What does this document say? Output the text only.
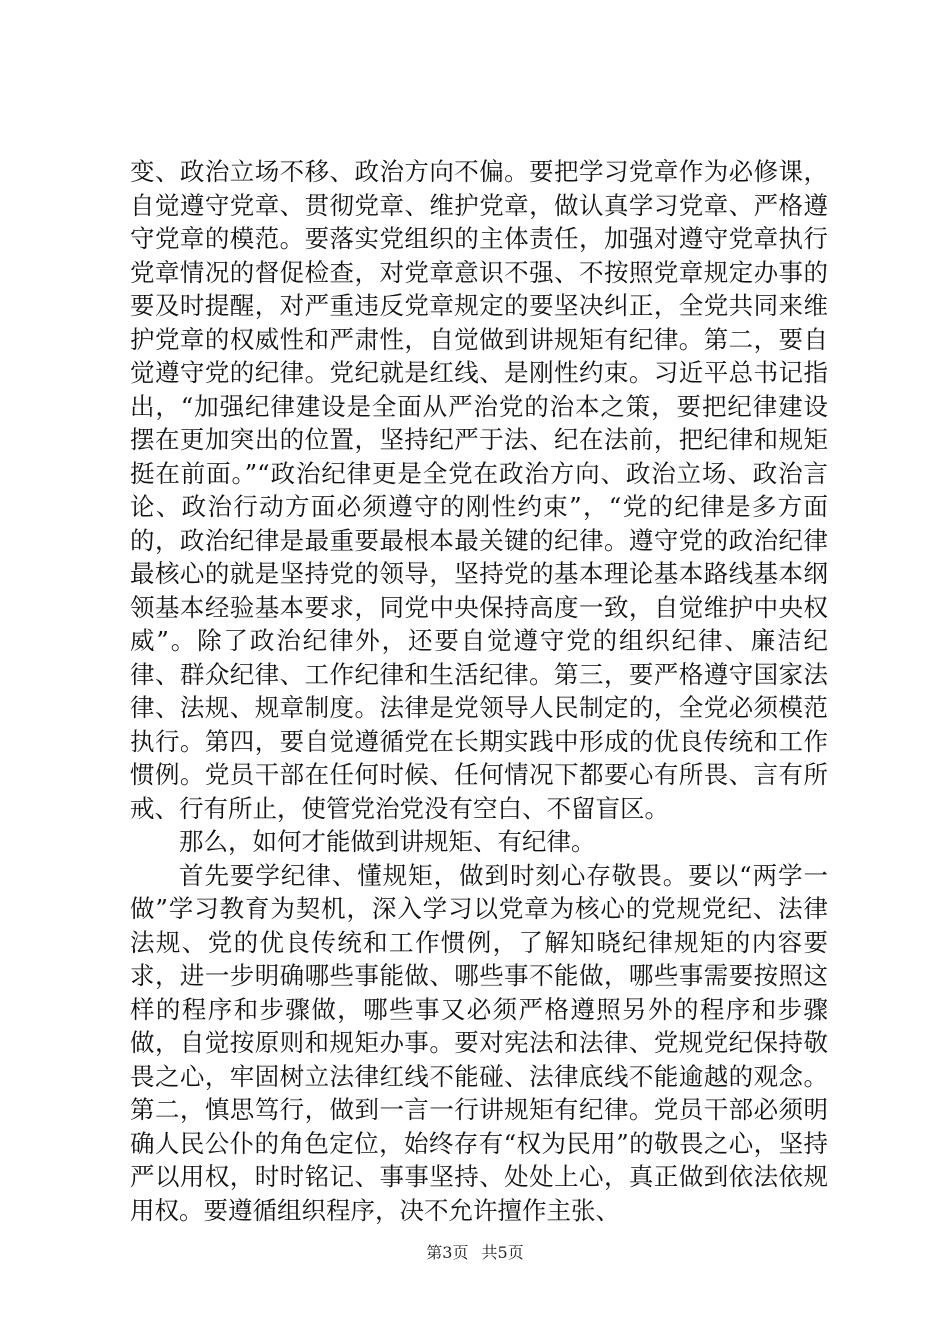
变、政治立场不移、政治方向不偏。要把学习党章作为必修课，自觉遵守党章、贯彻党章、维护党章，做认真学习党章、严格遵守党章的模范。要落实党组织的主体责任，加强对遵守党章执行党章情况的督促检查，对党章意识不强、不按照党章规定办事的要及时提醒，对严重违反党章规定的要坚决纠正，全党共同来维护党章的权威性和严肃性，自觉做到讲规矩有纪律。第二，要自觉遵守党的纪律。党纪就是红线、是刚性约束。习近平总书记指出，“加强纪律建设是全面从严治党的治本之策，要把纪律建设摆在更加突出的位置，坚持纪严于法、纪在法前，把纪律和规矩挺在前面。”“政治纪律更是全党在政治方向、政治立场、政治言论、政治行动方面必须遵守的刚性约束”，“党的纪律是多方面的，政治纪律是最重要最根本最关键的纪律。遵守党的政治纪律最核心的就是坚持党的领导，坚持党的基本理论基本路线基本纲领基本经验基本要求，同党中央保持高度一致，自觉维护中央权威”。除了政治纪律外，还要自觉遵守党的组织纪律、廉洁纪律、群众纪律、工作纪律和生活纪律。第三，要严格遵守国家法律、法规、规章制度。法律是党领导人民制定的，全党必须模范执行。第四，要自觉遵循党在长期实践中形成的优良传统和工作惯例。党员干部在任何时候、任何情况下都要心有所畏、言有所戒、行有所止，使管党治党没有空白、不留盲区。

那么，如何才能做到讲规矩、有纪律。

首先要学纪律、懂规矩，做到时刻心存敬畏。要以“两学一做”学习教育为契机，深入学习以党章为核心的党规党纪、法律法规、党的优良传统和工作惯例，了解知晓纪律规矩的内容要求，进一步明确哪些事能做、哪些事不能做，哪些事需要按照这样的程序和步骤做，哪些事又必须严格遵照另外的程序和步骤做，自觉按原则和规矩办事。要对宪法和法律、党规党纪保持敬畏之心，牢固树立法律红线不能碰、法律底线不能逾越的观念。第二，慎思笃行，做到一言一行讲规矩有纪律。党员干部必须明确人民公仆的角色定位，始终存有“权为民用”的敬畏之心，坚持严以用权，时时铭记、事事坚持、处处上心，真正做到依法依规用权。要遵循组织程序，决不允许擅作主张、

第3页 共5页
